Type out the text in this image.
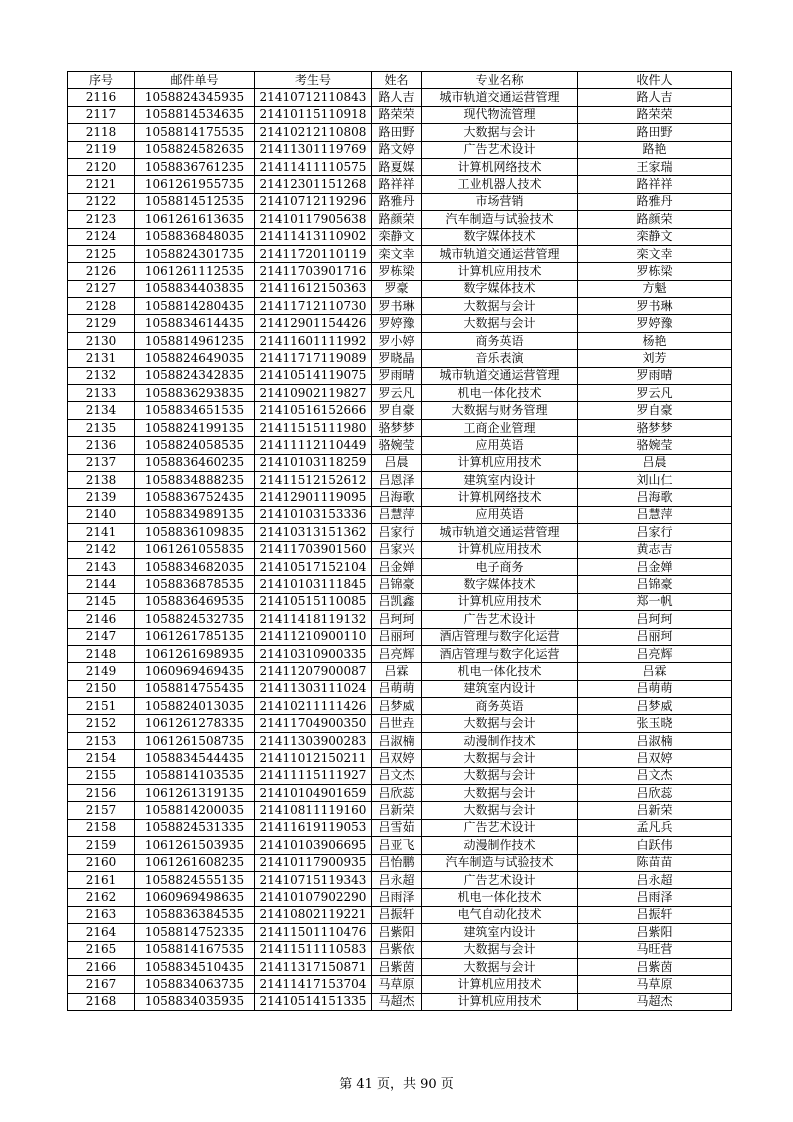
序号	邮件单号	考生号	姓名	专业名称	收件人
2116	1058824345935	21410712110843	路人吉	城市轨道交通运营管理	路人吉
2117	1058814534635	21410115110918	路荣荣	现代物流管理	路荣荣
2118	1058814175535	21410212110808	路田野	大数据与会计	路田野
2119	1058824582635	21411301119769	路文婷	广告艺术设计	路艳
2120	1058836761235	21411411110575	路夏媒	计算机网络技术	王家瑞
2121	1061261955735	21412301151268	路祥祥	工业机器人技术	路祥祥
2122	1058814512535	21410712119296	路雅丹	市场营销	路雅丹
2123	1061261613635	21410117905638	路颜荣	汽车制造与试验技术	路颜荣
2124	1058836848035	21411413110902	栾静文	数字媒体技术	栾静文
2125	1058824301735	21411720110119	栾文幸	城市轨道交通运营管理	栾文幸
2126	1061261112535	21411703901716	罗栋梁	计算机应用技术	罗栋梁
2127	1058834403835	21411612150363	罗豪	数字媒体技术	方魁
2128	1058814280435	21411712110730	罗书琳	大数据与会计	罗书琳
2129	1058834614435	21412901154426	罗婷豫	大数据与会计	罗婷豫
2130	1058814961235	21411601111992	罗小婷	商务英语	杨艳
2131	1058824649035	21411717119089	罗晓晶	音乐表演	刘芳
2132	1058824342835	21410514119075	罗雨晴	城市轨道交通运营管理	罗雨晴
2133	1058836293835	21410902119827	罗云凡	机电一体化技术	罗云凡
2134	1058834651535	21410516152666	罗自豪	大数据与财务管理	罗自豪
2135	1058824199135	21411515111980	骆梦梦	工商企业管理	骆梦梦
2136	1058824058535	21411112110449	骆婉莹	应用英语	骆婉莹
2137	1058836460235	21410103118259	吕晨	计算机应用技术	吕晨
2138	1058834888235	21411512152612	吕恩泽	建筑室内设计	刘山仁
2139	1058836752435	21412901119095	吕海歌	计算机网络技术	吕海歌
2140	1058834989135	21410103153336	吕慧萍	应用英语	吕慧萍
2141	1058836109835	21410313151362	吕家行	城市轨道交通运营管理	吕家行
2142	1061261055835	21411703901560	吕家兴	计算机应用技术	黄志吉
2143	1058834682035	21410517152104	吕金婵	电子商务	吕金婵
2144	1058836878535	21410103111845	吕锦豪	数字媒体技术	吕锦豪
2145	1058836469535	21410515110085	吕凯鑫	计算机应用技术	郑一帆
2146	1058824532735	21411418119132	吕珂珂	广告艺术设计	吕珂珂
2147	1061261785135	21411210900110	吕丽珂	酒店管理与数字化运营	吕丽珂
2148	1061261698935	21410310900335	吕亮辉	酒店管理与数字化运营	吕亮辉
2149	1060969469435	21411207900087	吕霖	机电一体化技术	吕霖
2150	1058814755435	21411303111024	吕萌萌	建筑室内设计	吕萌萌
2151	1058824013035	21410211111426	吕梦威	商务英语	吕梦威
2152	1061261278335	21411704900350	吕世垚	大数据与会计	张玉晓
2153	1061261508735	21411303900283	吕淑楠	动漫制作技术	吕淑楠
2154	1058834544435	21411012150211	吕双婷	大数据与会计	吕双婷
2155	1058814103535	21411115111927	吕文杰	大数据与会计	吕文杰
2156	1061261319135	21410104901659	吕欣蕊	大数据与会计	吕欣蕊
2157	1058814200035	21410811119160	吕新荣	大数据与会计	吕新荣
2158	1058824531335	21411619119053	吕雪茹	广告艺术设计	孟凡兵
2159	1061261503935	21410103906695	吕亚飞	动漫制作技术	白跃伟
2160	1061261608235	21410117900935	吕怡鹏	汽车制造与试验技术	陈苗苗
2161	1058824555135	21410715119343	吕永超	广告艺术设计	吕永超
2162	1060969498635	21410107902290	吕雨泽	机电一体化技术	吕雨泽
2163	1058836384535	21410802119221	吕振轩	电气自动化技术	吕振轩
2164	1058814752335	21411501110476	吕紫阳	建筑室内设计	吕紫阳
2165	1058814167535	21411511110583	吕紫依	大数据与会计	马旺营
2166	1058834510435	21411317150871	吕紫茵	大数据与会计	吕紫茵
2167	1058834063735	21411417153704	马草原	计算机应用技术	马草原
2168	1058834035935	21410514151335	马超杰	计算机应用技术	马超杰
第 41 页，共 90 页
